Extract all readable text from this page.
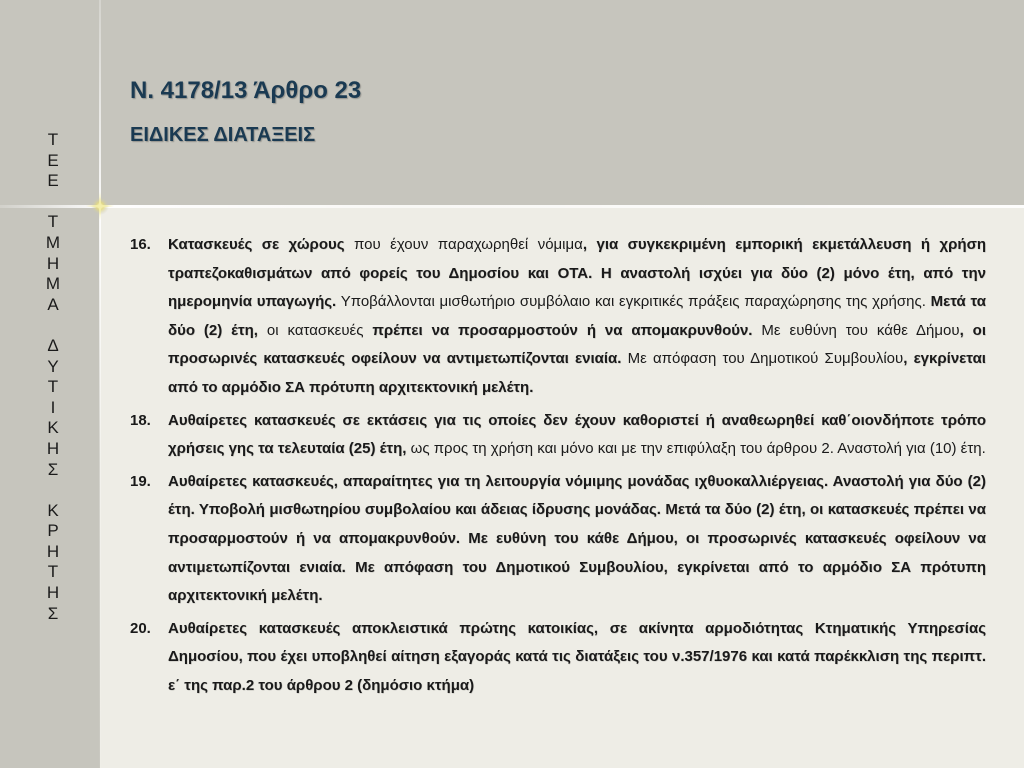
Τ
Ε
Ε
Τ
Μ
Η
Μ
Α
Δ
Υ
Τ
Ι
Κ
Η
Σ
Κ
Ρ
Η
Τ
Η
Σ
Ν. 4178/13 Άρθρο 23
ΕΙΔΙΚΕΣ ΔΙΑΤΑΞΕΙΣ
16. Κατασκευές σε χώρους που έχουν παραχωρηθεί νόμιμα, για συγκεκριμένη εμπορική εκμετάλλευση ή χρήση τραπεζοκαθισμάτων από φορείς του Δημοσίου και ΟΤΑ. Η αναστολή ισχύει για δύο (2) μόνο έτη, από την ημερομηνία υπαγωγής. Υποβάλλονται μισθωτήριο συμβόλαιο και εγκριτικές πράξεις παραχώρησης της χρήσης. Μετά τα δύο (2) έτη, οι κατασκευές πρέπει να προσαρμοστούν ή να απομακρυνθούν. Με ευθύνη του κάθε Δήμου, οι προσωρινές κατασκευές οφείλουν να αντιμετωπίζονται ενιαία. Με απόφαση του Δημοτικού Συμβουλίου, εγκρίνεται από το αρμόδιο ΣΑ πρότυπη αρχιτεκτονική μελέτη.
18. Αυθαίρετες κατασκευές σε εκτάσεις για τις οποίες δεν έχουν καθοριστεί ή αναθεωρηθεί καθ΄οιονδήποτε τρόπο χρήσεις γης τα τελευταία (25) έτη, ως προς τη χρήση και μόνο και με την επιφύλαξη του άρθρου 2. Αναστολή για (10) έτη.
19. Αυθαίρετες κατασκευές, απαραίτητες για τη λειτουργία νόμιμης μονάδας ιχθυοκαλλιέργειας. Αναστολή για δύο (2) έτη. Υποβολή μισθωτηρίου συμβολαίου και άδειας ίδρυσης μονάδας. Μετά τα δύο (2) έτη, οι κατασκευές πρέπει να προσαρμοστούν ή να απομακρυνθούν. Με ευθύνη του κάθε Δήμου, οι προσωρινές κατασκευές οφείλουν να αντιμετωπίζονται ενιαία. Με απόφαση του Δημοτικού Συμβουλίου, εγκρίνεται από το αρμόδιο ΣΑ πρότυπη αρχιτεκτονική μελέτη.
20. Αυθαίρετες κατασκευές αποκλειστικά πρώτης κατοικίας, σε ακίνητα αρμοδιότητας Κτηματικής Υπηρεσίας Δημοσίου, που έχει υποβληθεί αίτηση εξαγοράς κατά τις διατάξεις του ν.357/1976 και κατά παρέκκλιση της περιπτ. ε΄ της παρ.2 του άρθρου 2 (δημόσιο κτήμα)
